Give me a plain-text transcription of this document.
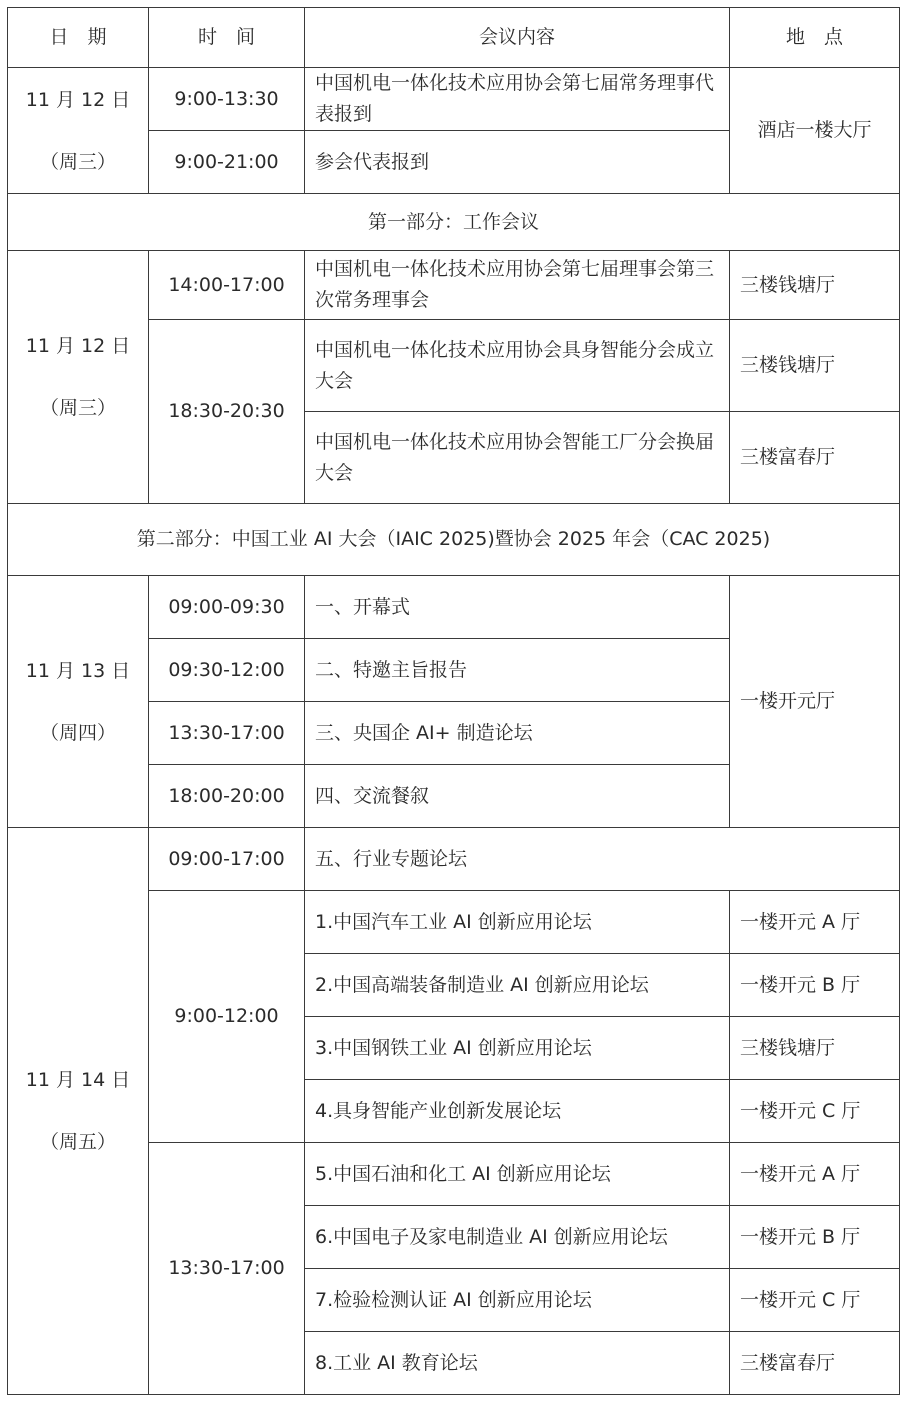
日　期	时　间	会议内容	地　点

11 月 12 日
（周三）	9:00-13:30	中国机电一体化技术应用协会第七届常务理事代表报到	酒店一楼大厅
	9:00-21:00	参会代表报到	
第一部分：工作会议			

11 月 12 日
（周三）	14:00-17:00	中国机电一体化技术应用协会第七届理事会第三次常务理事会	三楼钱塘厅
	18:30-20:30	中国机电一体化技术应用协会具身智能分会成立大会	三楼钱塘厅
		中国机电一体化技术应用协会智能工厂分会换届大会	三楼富春厅
第二部分：中国工业 AI 大会（IAIC 2025)暨协会 2025 年会（CAC 2025)			

11 月 13 日
（周四）	09:00-09:30	一、开幕式	一楼开元厅
	09:30-12:00	二、特邀主旨报告	
	13:30-17:00	三、央国企 AI+ 制造论坛	
	18:00-20:00	四、交流餐叙	

11 月 14 日
（周五）	09:00-17:00	五、行业专题论坛	
	9:00-12:00	1.中国汽车工业 AI 创新应用论坛	一楼开元 A 厅
		2.中国高端装备制造业 AI 创新应用论坛	一楼开元 B 厅
		3.中国钢铁工业 AI 创新应用论坛	三楼钱塘厅
		4.具身智能产业创新发展论坛	一楼开元 C 厅
	13:30-17:00	5.中国石油和化工 AI 创新应用论坛	一楼开元 A 厅
		6.中国电子及家电制造业 AI 创新应用论坛	一楼开元 B 厅
		7.检验检测认证 AI 创新应用论坛	一楼开元 C 厅
		8.工业 AI 教育论坛	三楼富春厅
